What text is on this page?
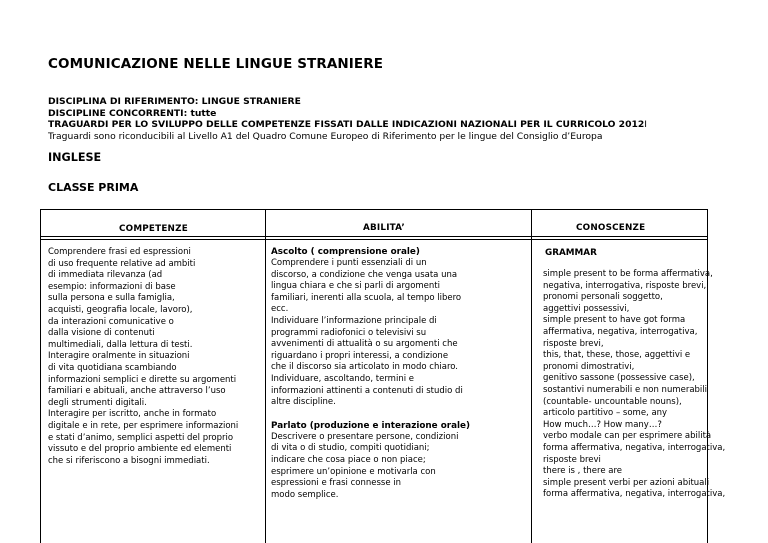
COMUNICAZIONE NELLE LINGUE STRANIERE
DISCIPLINA DI RIFERIMENTO: LINGUE STRANIERE
DISCIPLINE CONCORRENTI: tutte
TRAGUARDI PER LO SVILUPPO DELLE COMPETENZE FISSATI DALLE INDICAZIONI NAZIONALI PER IL CURRICOLO 2012I
Traguardi sono riconducibili al Livello A1 del Quadro Comune Europeo di Riferimento per le lingue del Consiglio d’Europa
INGLESE
CLASSE PRIMA
COMPETENZE
Comprendere frasi ed espressioni
di uso frequente relative ad ambiti
di immediata rilevanza (ad
esempio: informazioni di base
sulla persona e sulla famiglia,
acquisti, geografia locale, lavoro),
da interazioni comunicative o
dalla visione di contenuti
multimediali, dalla lettura di testi.
Interagire oralmente in situazioni
di vita quotidiana scambiando
informazioni semplici e dirette su argomenti
familiari e abituali, anche attraverso l’uso
degli strumenti digitali.
Interagire per iscritto, anche in formato
digitale e in rete, per esprimere informazioni
e stati d’animo, semplici aspetti del proprio
vissuto e del proprio ambiente ed elementi
che si riferiscono a bisogni immediati.
ABILITA’
Ascolto ( comprensione orale)
Comprendere i punti essenziali di un
discorso, a condizione che venga usata una
lingua chiara e che si parli di argomenti
familiari, inerenti alla scuola, al tempo libero
ecc.
Individuare l’informazione principale di
programmi radiofonici o televisivi su
avvenimenti di attualità o su argomenti che
riguardano i propri interessi, a condizione
che il discorso sia articolato in modo chiaro.
Individuare, ascoltando, termini e
informazioni attinenti a contenuti di studio di
altre discipline.
Parlato (produzione e interazione orale)
Descrivere o presentare persone, condizioni
di vita o di studio, compiti quotidiani;
indicare che cosa piace o non piace;
esprimere un’opinione e motivarla con
espressioni e frasi connesse in
modo semplice.
CONOSCENZE
GRAMMAR
simple present to be forma affermativa,
negativa, interrogativa, risposte brevi,
pronomi personali soggetto,
aggettivi possessivi,
simple present to have got forma
affermativa, negativa, interrogativa,
risposte brevi,
this, that, these, those, aggettivi e
pronomi dimostrativi,
genitivo sassone (possessive case),
sostantivi numerabili e non numerabili
(countable- uncountable nouns),
articolo partitivo – some, any
How much…? How many…?
verbo modale can per esprimere abilità
forma affermativa, negativa, interrogativa,
risposte brevi
there is , there are
simple present verbi per azioni abituali
forma affermativa, negativa, interrogativa,
